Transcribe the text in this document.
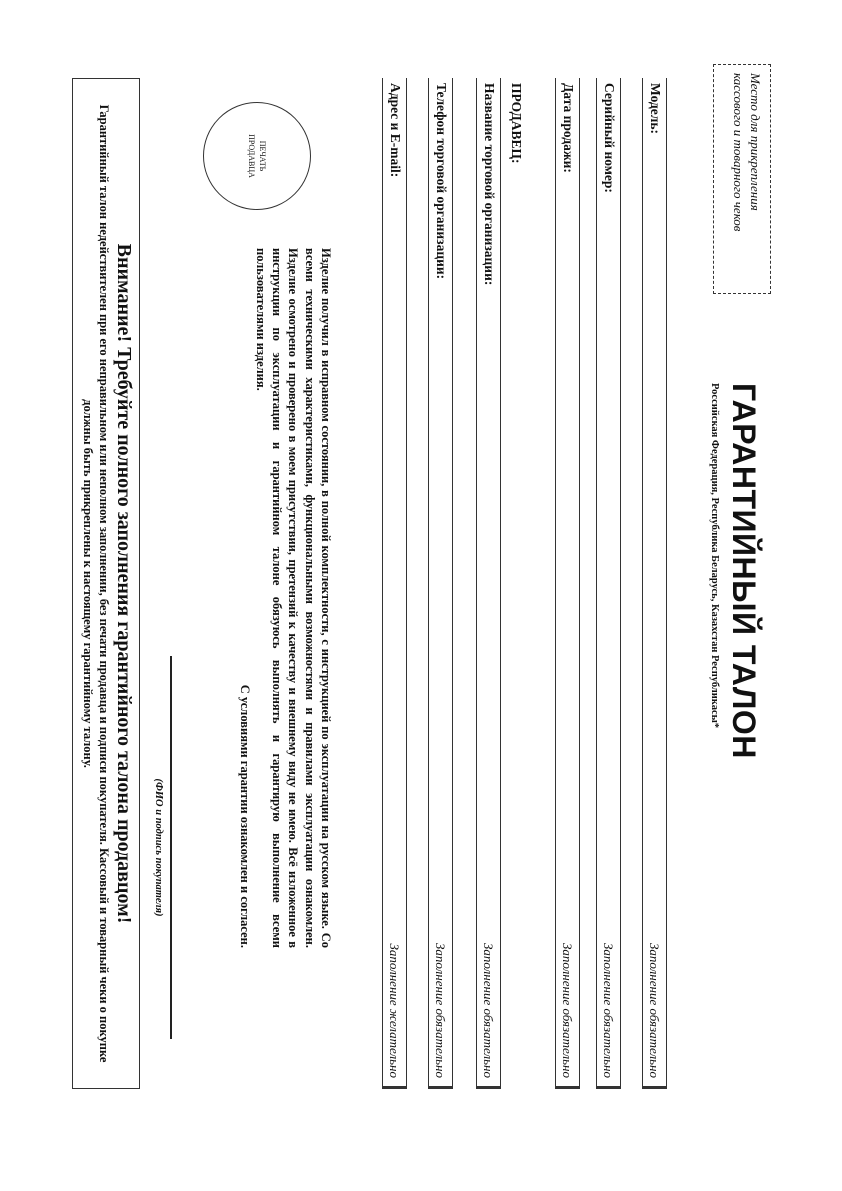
Место для прикрепления
кассового и товарного чеков
ГАРАНТИЙНЫЙ ТАЛОН
Российская Федерация, Республика Беларусь, Казахстан Республикасы*
Модель:
Заполнение обязательно
Серийный номер:
Заполнение обязательно
Дата продажи:
Заполнение обязательно
ПРОДАВЕЦ:
Название торговой организации:
Заполнение обязательно
Телефон торговой организации:
Заполнение обязательно
Адрес и E-mail:
Заполнение желательно
ПЕЧАТЬ ПРОДАВЦА
Изделие получил в исправном состоянии, в полной комплектности, с инструкцией по эксплуатации на русском языке. Со всеми техническими характеристиками, функциональными возможностями и правилами эксплуатации ознакомлен. Изделие осмотрено и проверено в моем присутствии, претензий к качеству и внешнему виду не имею. Всё изложенное в инструкции по эксплуатации и гарантийном талоне обязуюсь выполнять и гарантирую выполнение всеми пользователями изделия.
С условиями гарантии ознакомлен и согласен.
(ФИО и подпись покупателя)
Внимание! Требуйте полного заполнения гарантийного талона продавцом!
Гарантийный талон недействителен при его неправильном или неполном заполнении, без печати продавца и подписи покупателя. Кассовый и товарный чеки о покупке должны быть прикреплены к настоящему гарантийному талону.
